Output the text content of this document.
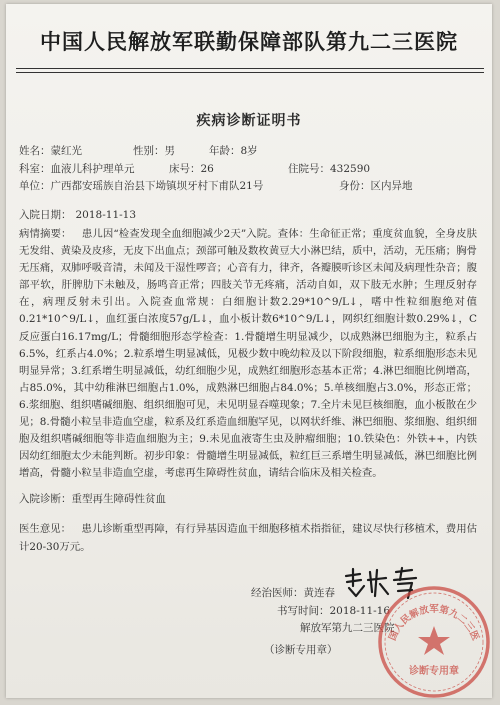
中国人民解放军联勤保障部队第九二三医院
疾病诊断证明书
姓名：蒙红光	性别：男	年龄：8岁
科室：血液儿科护理单元	床号：26	住院号：432590
单位：广西都安瑶族自治县下坳镇坝牙村下甫队21号	身份：区内异地
入院日期： 2018-11-13
病情摘要： 患儿因“检查发现全血细胞减少2天”入院。查体：生命征正常；重度贫血貌，全身皮肤无发绀、黄染及皮疹，无皮下出血点；颈部可触及数枚黄豆大小淋巴结，质中，活动，无压痛；胸骨无压痛，双肺呼吸音清，未闻及干湿性啰音；心音有力，律齐，各瓣膜听诊区未闻及病理性杂音；腹部平软，肝脾肋下未触及，肠鸣音正常；四肢关节无疼痛，活动自如，双下肢无水肿；生理反射存在，病理反射未引出。入院查血常规：白细胞计数2.29*10^9/L↓，嗜中性粒细胞绝对值0.21*10^9/L↓，血红蛋白浓度57g/L↓，血小板计数6*10^9/L↓，网织红细胞计数0.29%↓，C反应蛋白16.17mg/L；骨髓细胞形态学检查：1.骨髓增生明显减少，以成熟淋巴细胞为主，粒系占6.5%，红系占4.0%；2.粒系增生明显减低，见极少数中晚幼粒及以下阶段细胞，粒系细胞形态未见明显异常；3.红系增生明显减低，幼红细胞少见，成熟红细胞形态基本正常；4.淋巴细胞比例增高，占85.0%，其中幼稚淋巴细胞占1.0%，成熟淋巴细胞占84.0%；5.单核细胞占3.0%，形态正常；6.浆细胞、组织嗜碱细胞、组织细胞可见，未见明显吞噬现象；7.全片未见巨核细胞，血小板散在少见；8.骨髓小粒呈非造血空虚，粒系及红系造血细胞罕见，以网状纤维、淋巴细胞、浆细胞、组织细胞及组织嗜碱细胞等非造血细胞为主；9.未见血液寄生虫及肿瘤细胞；10.铁染色：外铁++，内铁因幼红细胞太少未能判断。初步印象：骨髓增生明显减低，粒红巨三系增生明显减低，淋巴细胞比例增高，骨髓小粒呈非造血空虚，考虑再生障碍性贫血，请结合临床及相关检查。
入院诊断：重型再生障碍性贫血
医生意见： 患儿诊断重型再障，有行异基因造血干细胞移植术指指征，建议尽快行移植术，费用估计20-30万元。
经治医师：黄连春
书写时间：2018-11-16
解放军第九二三医院
（诊断专用章）
国人民解放军第九二三医
诊断专用章
